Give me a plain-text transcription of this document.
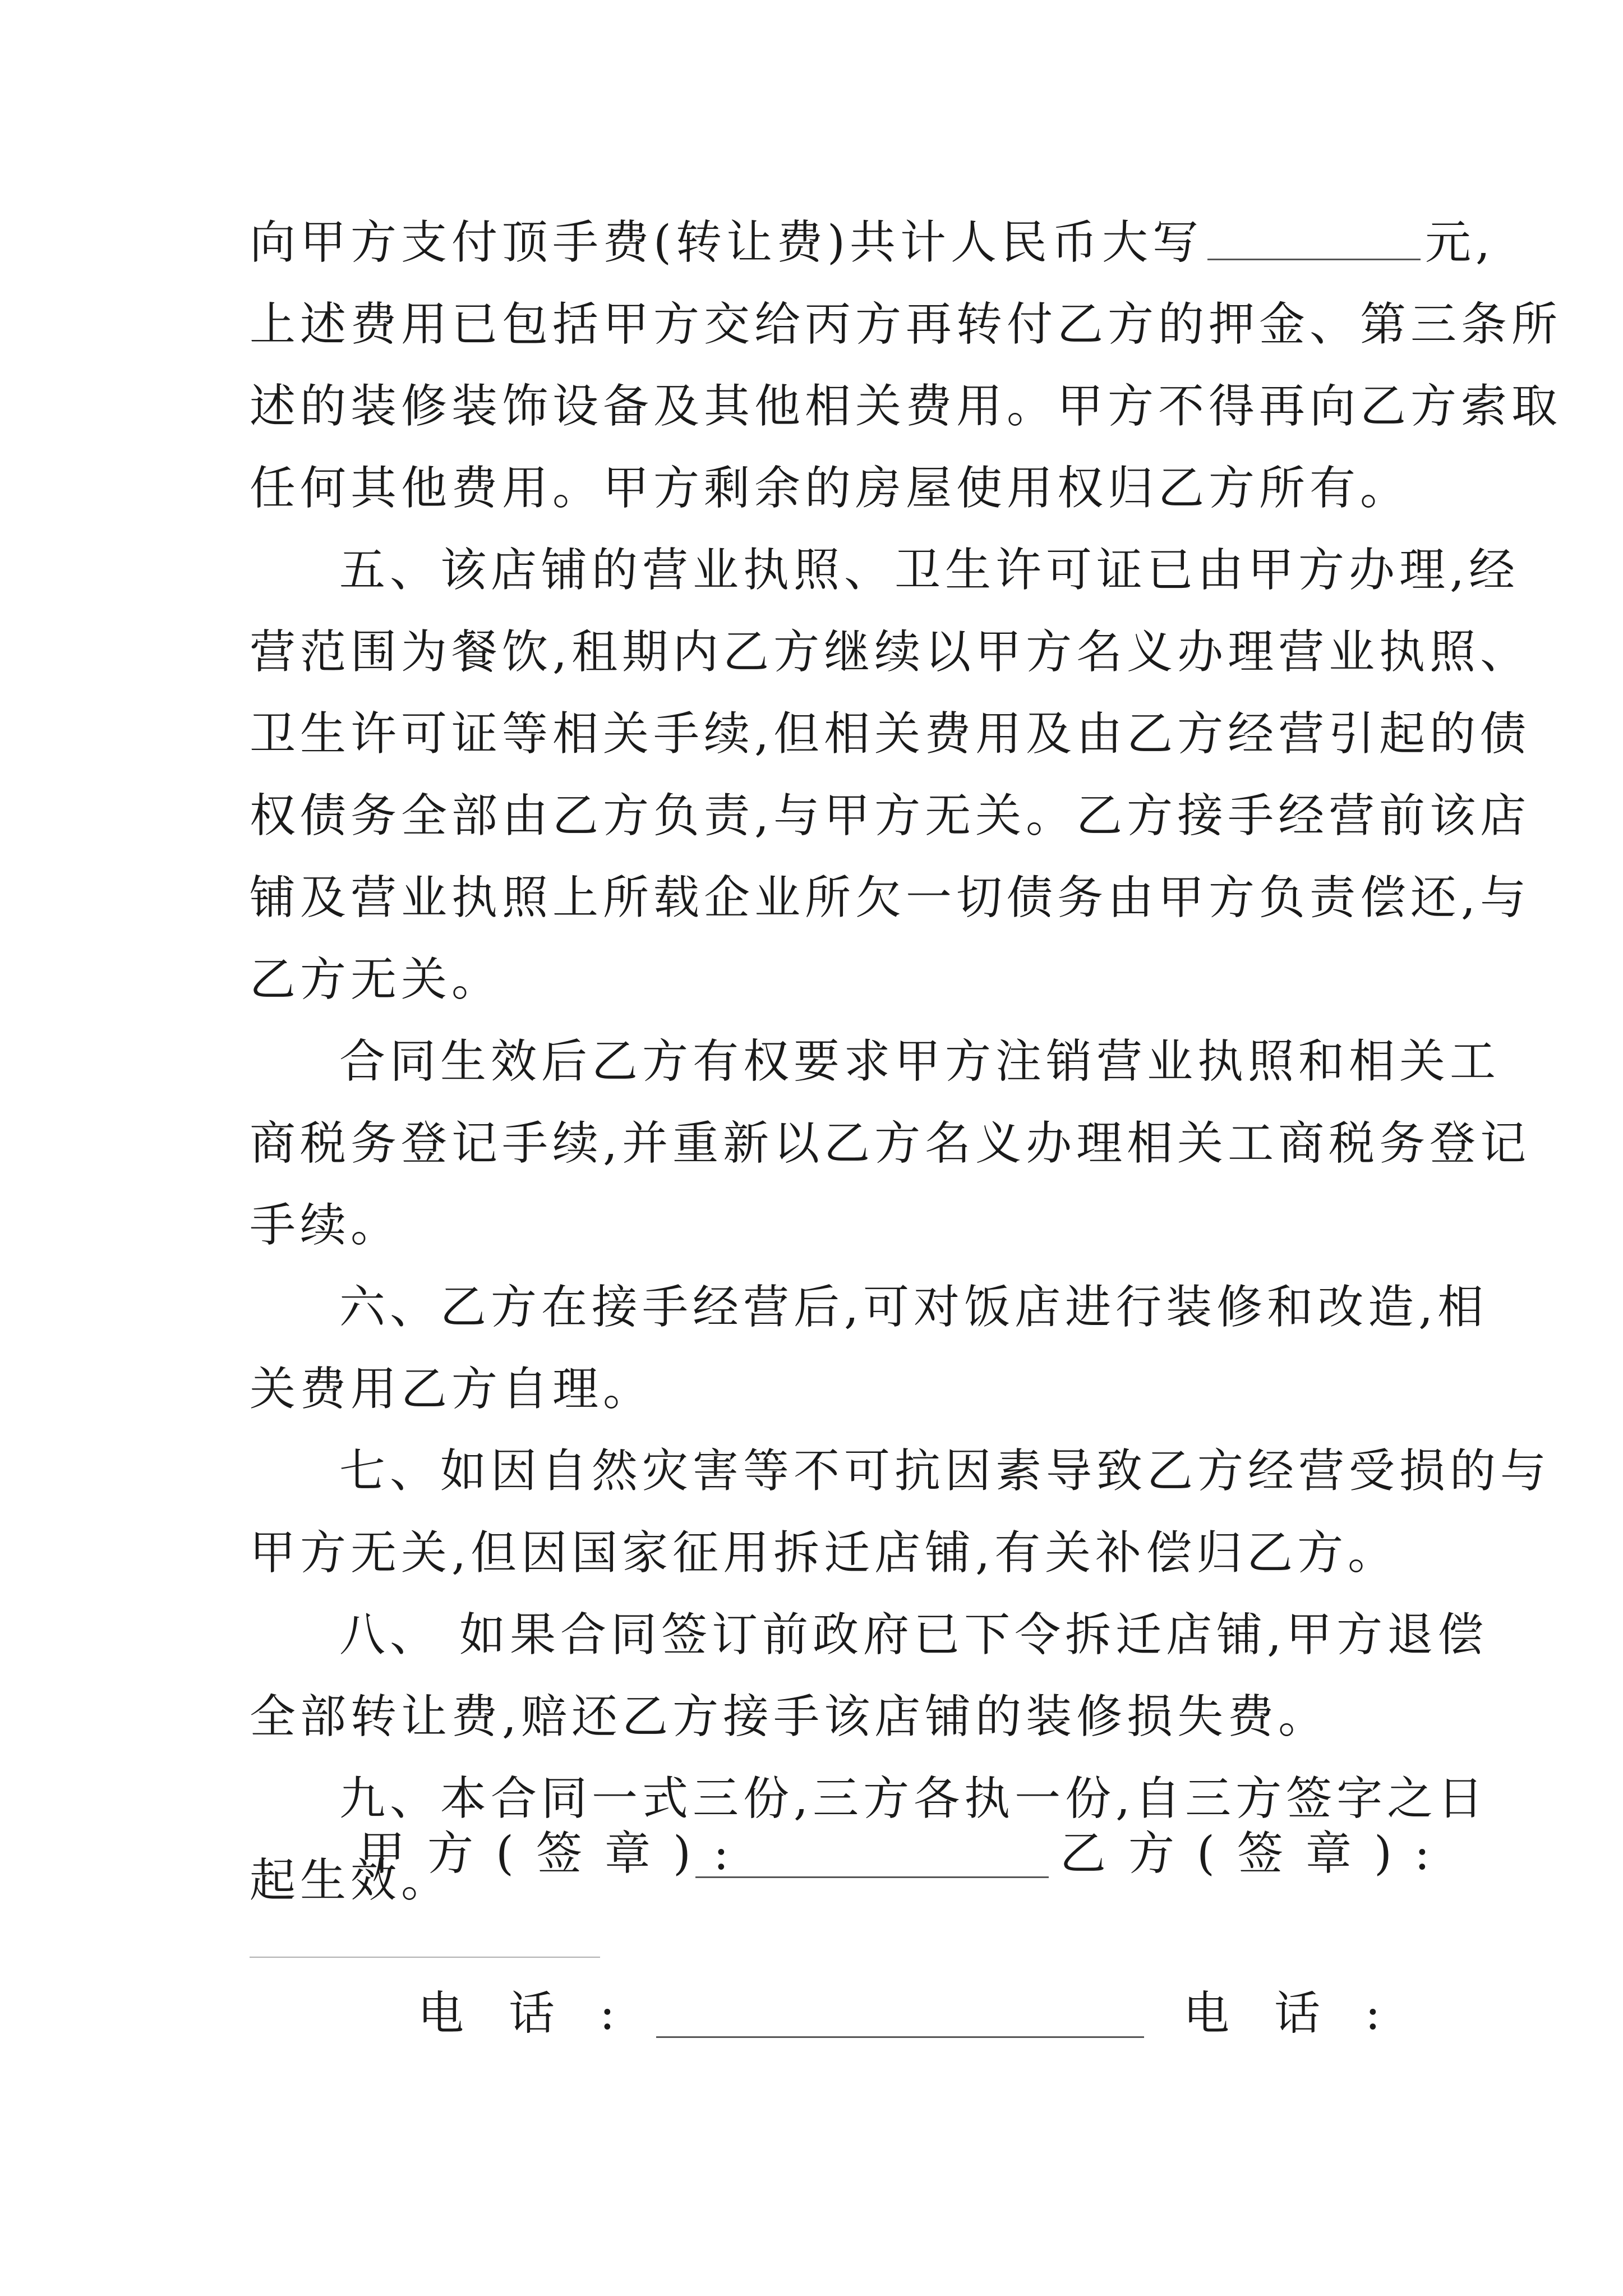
向甲方支付顶手费(转让费)共计人民币大写	元,
上述费用已包括甲方交给丙方再转付乙方的押金、第三条所
述的装修装饰设备及其他相关费用。甲方不得再向乙方索取
任何其他费用。甲方剩余的房屋使用权归乙方所有。
五、该店铺的营业执照、卫生许可证已由甲方办理,经
营范围为餐饮,租期内乙方继续以甲方名义办理营业执照、
卫生许可证等相关手续,但相关费用及由乙方经营引起的债
权债务全部由乙方负责,与甲方无关。乙方接手经营前该店
铺及营业执照上所载企业所欠一切债务由甲方负责偿还,与
乙方无关。
合同生效后乙方有权要求甲方注销营业执照和相关工
商税务登记手续,并重新以乙方名义办理相关工商税务登记
手续。
六、乙方在接手经营后,可对饭店进行装修和改造,相
关费用乙方自理。
七、如因自然灾害等不可抗因素导致乙方经营受损的与
甲方无关,但因国家征用拆迁店铺,有关补偿归乙方。
八、 如果合同签订前政府已下令拆迁店铺,甲方退偿
全部转让费,赔还乙方接手该店铺的装修损失费。
九、本合同一式三份,三方各执一份,自三方签字之日
起生效。
甲方(签章):	乙方(签章):
电话:	电话:
